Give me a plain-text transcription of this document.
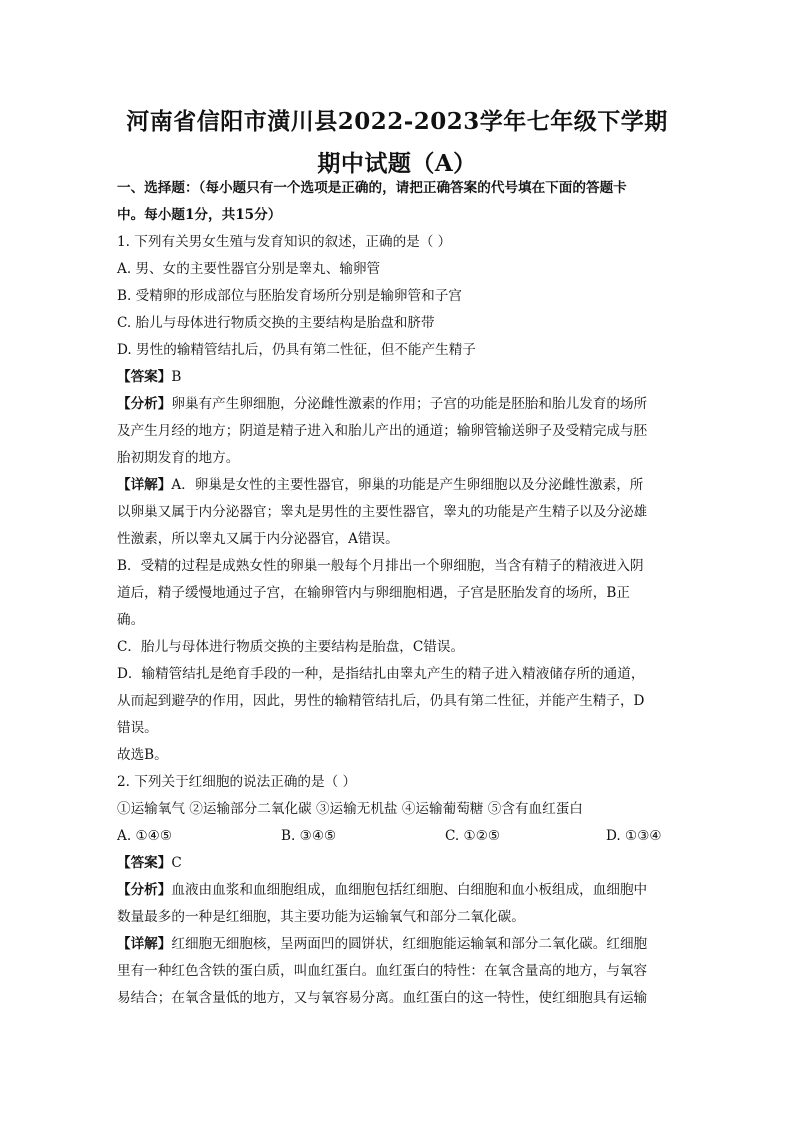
河南省信阳市潢川县2022-2023学年七年级下学期
期中试题（A）
一、选择题：（每小题只有一个选项是正确的，请把正确答案的代号填在下面的答题卡
中。每小题1分，共15分）
1. 下列有关男女生殖与发育知识的叙述，正确的是（ ）
A. 男、女的主要性器官分别是睾丸、输卵管
B. 受精卵的形成部位与胚胎发育场所分别是输卵管和子宫
C. 胎儿与母体进行物质交换的主要结构是胎盘和脐带
D. 男性的输精管结扎后，仍具有第二性征，但不能产生精子
【答案】B
【分析】卵巢有产生卵细胞，分泌雌性激素的作用；子宫的功能是胚胎和胎儿发育的场所
及产生月经的地方；阴道是精子进入和胎儿产出的通道；输卵管输送卵子及受精完成与胚
胎初期发育的地方。
【详解】A．卵巢是女性的主要性器官，卵巢的功能是产生卵细胞以及分泌雌性激素，所
以卵巢又属于内分泌器官；睾丸是男性的主要性器官，睾丸的功能是产生精子以及分泌雄
性激素，所以睾丸又属于内分泌器官，A错误。
B．受精的过程是成熟女性的卵巢一般每个月排出一个卵细胞，当含有精子的精液进入阴
道后，精子缓慢地通过子宫，在输卵管内与卵细胞相遇，子宫是胚胎发育的场所，B正
确。
C．胎儿与母体进行物质交换的主要结构是胎盘，C错误。
D．输精管结扎是绝育手段的一种，是指结扎由睾丸产生的精子进入精液储存所的通道，
从而起到避孕的作用，因此，男性的输精管结扎后，仍具有第二性征，并能产生精子，D
错误。
故选B。
2. 下列关于红细胞的说法正确的是（ ）
①运输氧气 ②运输部分二氧化碳 ③运输无机盐 ④运输葡萄糖 ⑤含有血红蛋白
A. ①④⑤	B. ③④⑤	C. ①②⑤	D. ①③④
【答案】C
【分析】血液由血浆和血细胞组成，血细胞包括红细胞、白细胞和血小板组成，血细胞中
数量最多的一种是红细胞，其主要功能为运输氧气和部分二氧化碳。
【详解】红细胞无细胞核，呈两面凹的圆饼状，红细胞能运输氧和部分二氧化碳。红细胞
里有一种红色含铁的蛋白质，叫血红蛋白。血红蛋白的特性：在氧含量高的地方，与氧容
易结合；在氧含量低的地方，又与氧容易分离。血红蛋白的这一特性，使红细胞具有运输
